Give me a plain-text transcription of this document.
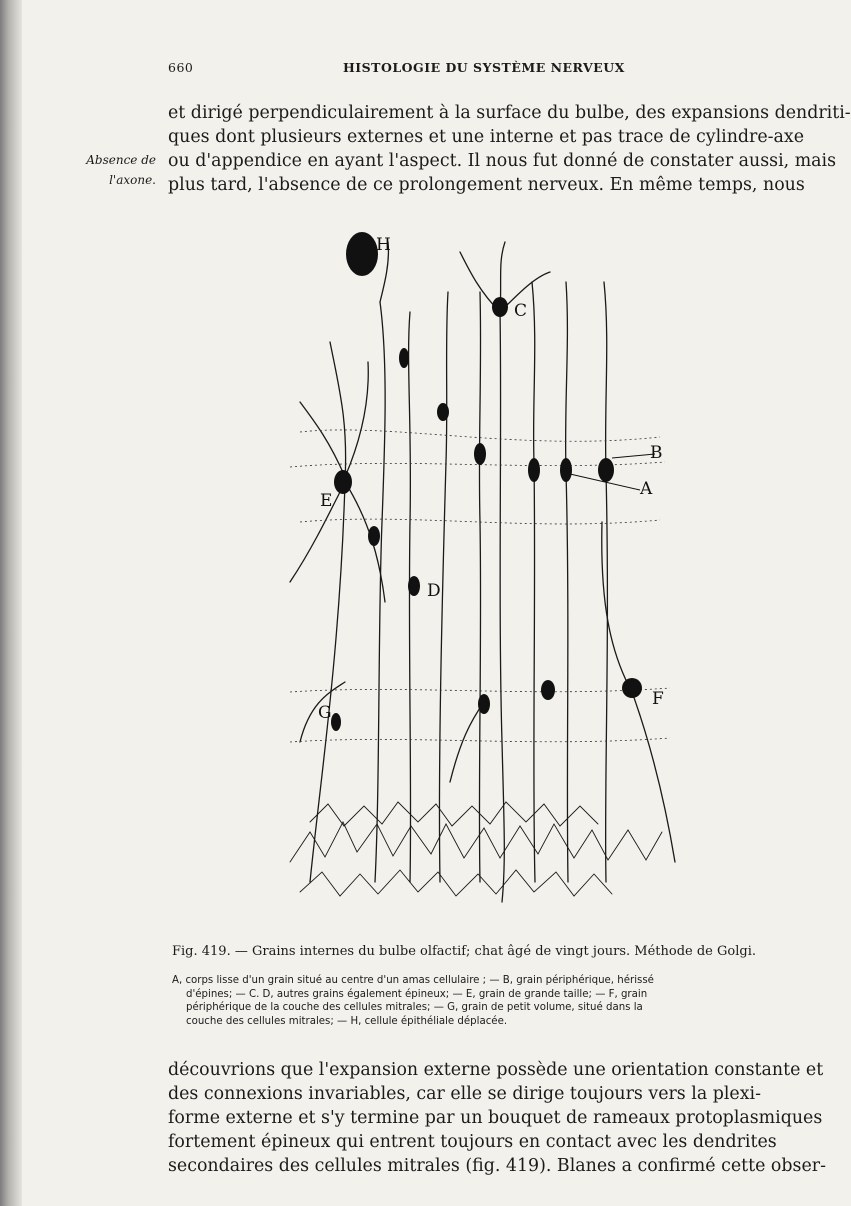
660	HISTOLOGIE DU SYSTÈME NERVEUX
Absence de
l'axone.
et dirigé perpendiculairement à la surface du bulbe, des expansions dendriti-
ques dont plusieurs externes et une interne et pas trace de cylindre-axe
ou d'appendice en ayant l'aspect. Il nous fut donné de constater aussi, mais
plus tard, l'absence de ce prolongement nerveux. En même temps, nous
H
C
B
A
E
D
F
G
Fig. 419. — Grains internes du bulbe olfactif; chat âgé de vingt jours. Méthode de Golgi.
A, corps lisse d'un grain situé au centre d'un amas cellulaire ; — B, grain périphérique, hérissé
d'épines; — C. D, autres grains également épineux; — E, grain de grande taille; — F, grain
périphérique de la couche des cellules mitrales; — G, grain de petit volume, situé dans la
couche des cellules mitrales; — H, cellule épithéliale déplacée.
découvrions que l'expansion externe possède une orientation constante et
des connexions invariables, car elle se dirige toujours vers la plexi-
forme externe et s'y termine par un bouquet de rameaux protoplasmiques
fortement épineux qui entrent toujours en contact avec les dendrites
secondaires des cellules mitrales (fig. 419). Blanes a confirmé cette obser-
